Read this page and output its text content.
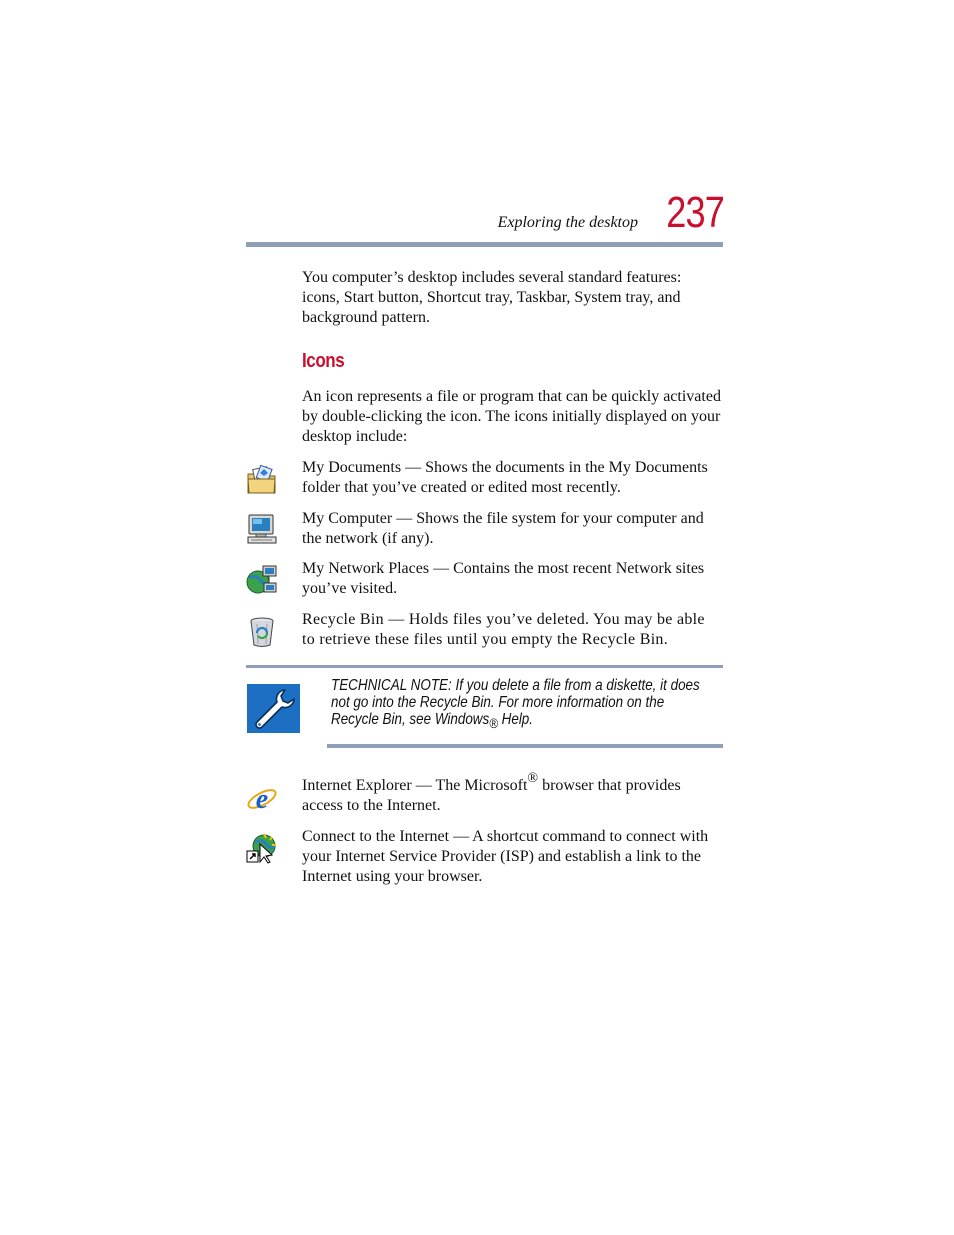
Exploring the desktop 237

You computer’s desktop includes several standard features: icons, Start button, Shortcut tray, Taskbar, System tray, and background pattern.

Icons

An icon represents a file or program that can be quickly activated by double-clicking the icon. The icons initially displayed on your desktop include:

My Documents — Shows the documents in the My Documents folder that you’ve created or edited most recently.

My Computer — Shows the file system for your computer and the network (if any).

My Network Places — Contains the most recent Network sites you’ve visited.

Recycle Bin — Holds files you’ve deleted. You may be able to retrieve these files until you empty the Recycle Bin.

TECHNICAL NOTE: If you delete a file from a diskette, it does not go into the Recycle Bin. For more information on the Recycle Bin, see Windows® Help.

e Internet Explorer — The Microsoft® browser that provides access to the Internet.

Connect to the Internet — A shortcut command to connect with your Internet Service Provider (ISP) and establish a link to the Internet using your browser.
